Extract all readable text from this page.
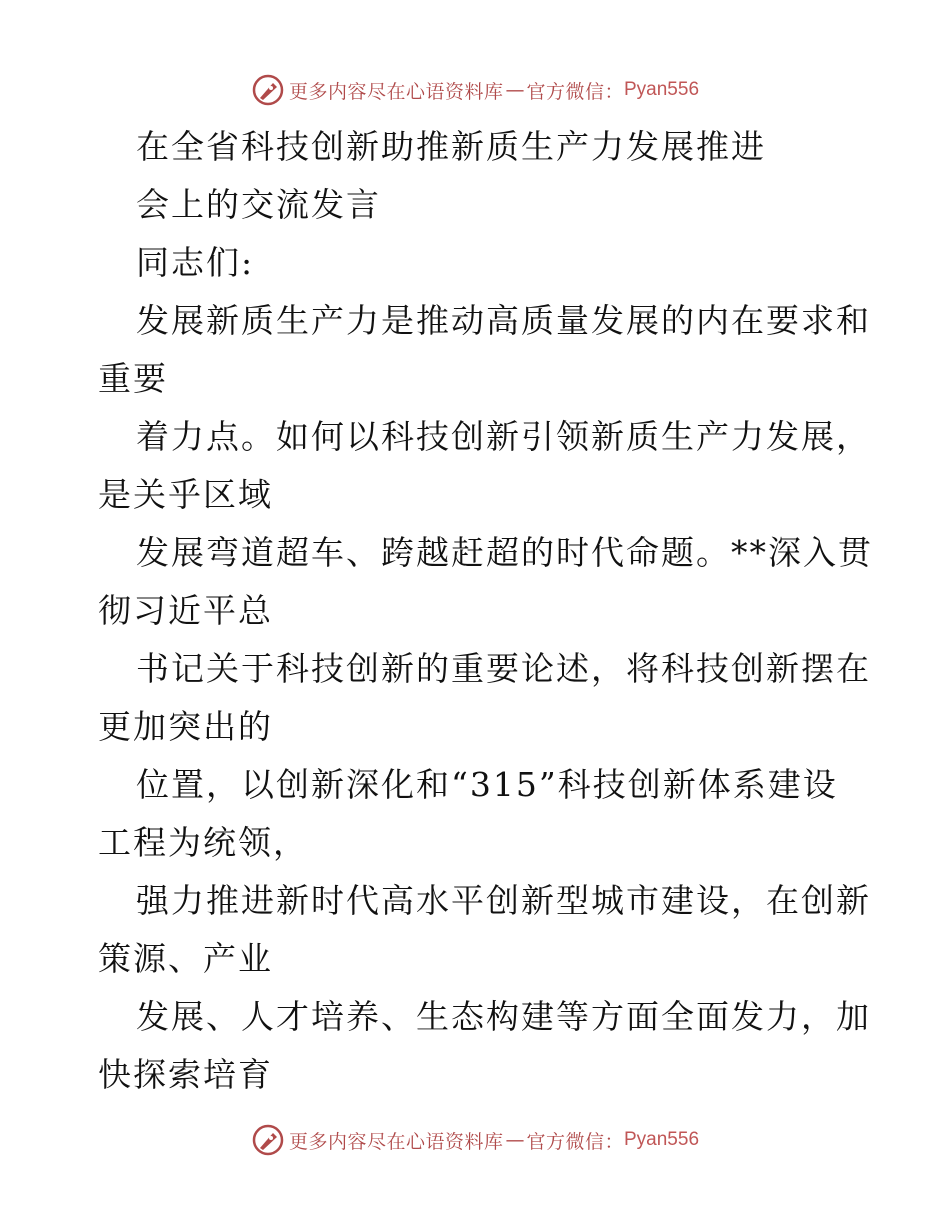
更多内容尽在心语资料库 — 官方微信： Pyan556
在全省科技创新助推新质生产力发展推进
会上的交流发言
同志们:
发展新质生产力是推动高质量发展的内在要求和
重要
着力点。如何以科技创新引领新质生产力发展，
是关乎区域
发展弯道超车、跨越赶超的时代命题。**深入贯
彻习近平总
书记关于科技创新的重要论述，将科技创新摆在
更加突出的
位置，以创新深化和“315”科技创新体系建设
工程为统领，
强力推进新时代高水平创新型城市建设，在创新
策源、产业
发展、人才培养、生态构建等方面全面发力，加
快探索培育
更多内容尽在心语资料库 — 官方微信： Pyan556
